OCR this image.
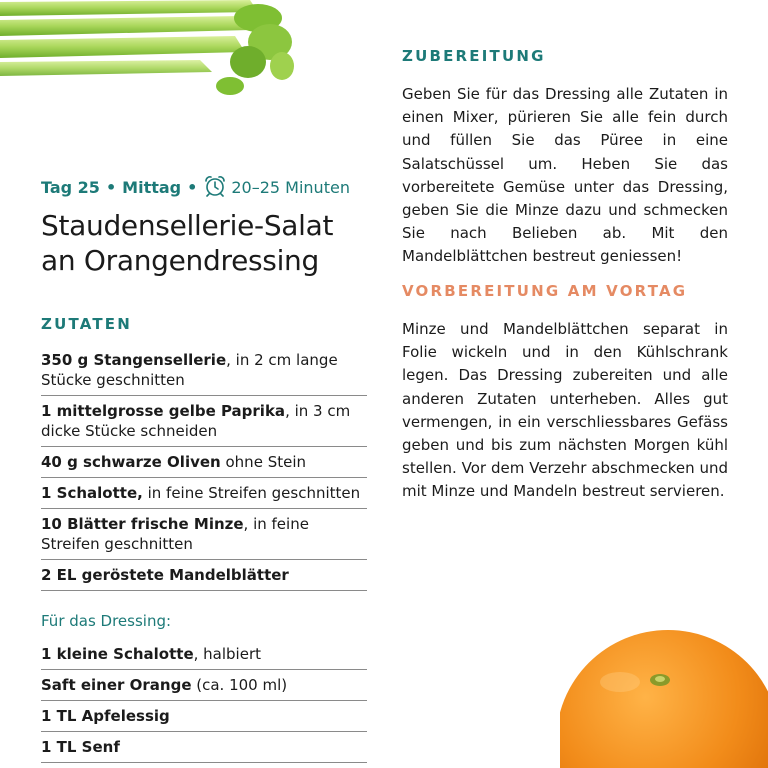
Tag 25 • Mittag • 20–25 Minuten
Staudensellerie-Salat
an Orangendressing
ZUTATEN
350 g Stangensellerie, in 2 cm lange Stücke geschnitten
1 mittelgrosse gelbe Paprika, in 3 cm dicke Stücke schneiden
40 g schwarze Oliven ohne Stein
1 Schalotte, in feine Streifen geschnitten
10 Blätter frische Minze, in feine Streifen geschnitten
2 EL geröstete Mandelblätter
Für das Dressing:
1 kleine Schalotte, halbiert
Saft einer Orange (ca. 100 ml)
1 TL Apfelessig
1 TL Senf
ZUBEREITUNG

Geben Sie für das Dressing alle Zutaten in einen Mixer, pürieren Sie alle fein durch und füllen Sie das Püree in eine Salatschüssel um. Heben Sie das vorbereitete Gemüse unter das Dressing, geben Sie die Minze dazu und schmecken Sie nach Belieben ab. Mit den Mandelblättchen bestreut geniessen!

VORBEREITUNG AM VORTAG

Minze und Mandelblättchen separat in Folie wickeln und in den Kühlschrank legen. Das Dressing zubereiten und alle anderen Zutaten unterheben. Alles gut vermengen, in ein verschliessbares Gefäss geben und bis zum nächsten Morgen kühl stellen. Vor dem Verzehr abschmecken und mit Minze und Mandeln bestreut servieren.
